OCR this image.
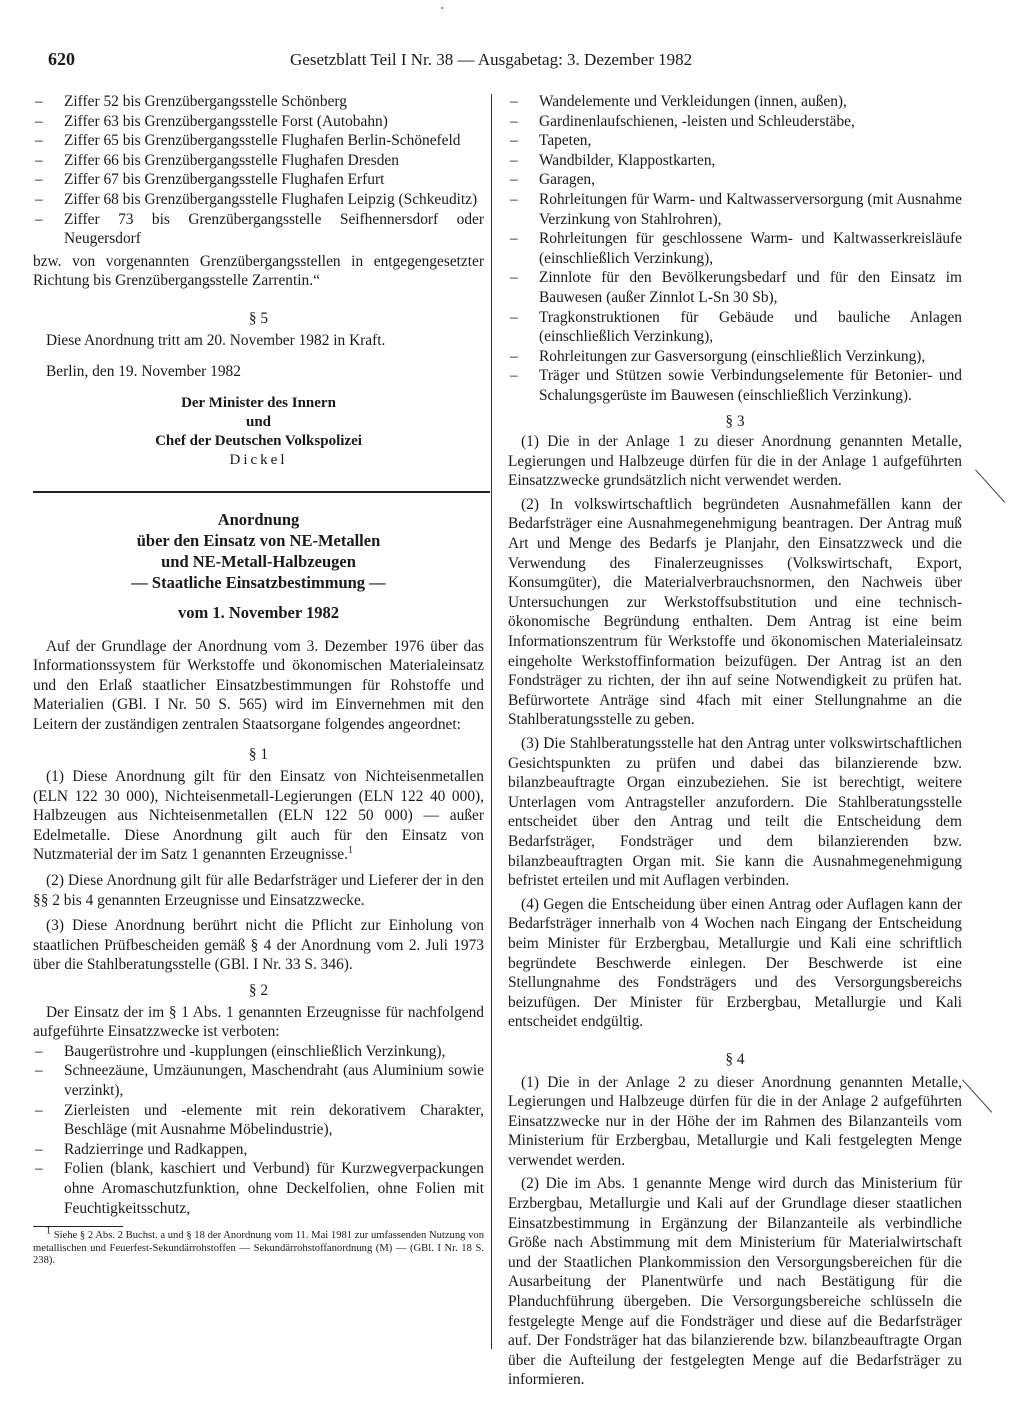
620	Gesetzblatt Teil I Nr. 38 — Ausgabetag: 3. Dezember 1982
– Ziffer 52 bis Grenzübergangsstelle Schönberg
– Ziffer 63 bis Grenzübergangsstelle Forst (Autobahn)
– Ziffer 65 bis Grenzübergangsstelle Flughafen Berlin-Schönefeld
– Ziffer 66 bis Grenzübergangsstelle Flughafen Dresden
– Ziffer 67 bis Grenzübergangsstelle Flughafen Erfurt
– Ziffer 68 bis Grenzübergangsstelle Flughafen Leipzig (Schkeuditz)
– Ziffer 73 bis Grenzübergangsstelle Seifhennersdorf oder Neugersdorf

bzw. von vorgenannten Grenzübergangsstellen in entgegengesetzter Richtung bis Grenzübergangsstelle Zarrentin.“

§ 5

Diese Anordnung tritt am 20. November 1982 in Kraft.

Berlin, den 19. November 1982

Der Minister des Innern

und

Chef der Deutschen Volkspolizei

Dickel

Anordnung

über den Einsatz von NE-Metallen

und NE-Metall-Halbzeugen

— Staatliche Einsatzbestimmung —

vom 1. November 1982

Auf der Grundlage der Anordnung vom 3. Dezember 1976 über das Informationssystem für Werkstoffe und ökonomischen Materialeinsatz und den Erlaß staatlicher Einsatzbestimmungen für Rohstoffe und Materialien (GBl. I Nr. 50 S. 565) wird im Einvernehmen mit den Leitern der zuständigen zentralen Staatsorgane folgendes angeordnet:

§ 1

(1) Diese Anordnung gilt für den Einsatz von Nichteisenmetallen (ELN 122 30 000), Nichteisenmetall-Legierungen (ELN 122 40 000), Halbzeugen aus Nichteisenmetallen (ELN 122 50 000) — außer Edelmetalle. Diese Anordnung gilt auch für den Einsatz von Nutzmaterial der im Satz 1 genannten Erzeugnisse.$^1$

(2) Diese Anordnung gilt für alle Bedarfsträger und Lieferer der in den §§ 2 bis 4 genannten Erzeugnisse und Einsatzzwecke.

(3) Diese Anordnung berührt nicht die Pflicht zur Einholung von staatlichen Prüfbescheiden gemäß § 4 der Anordnung vom 2. Juli 1973 über die Stahlberatungsstelle (GBl. I Nr. 33 S. 346).

§ 2

Der Einsatz der im § 1 Abs. 1 genannten Erzeugnisse für nachfolgend aufgeführte Einsatzzwecke ist verboten:

– Baugerüstrohre und -kupplungen (einschließlich Verzinkung),
– Schneezäune, Umzäunungen, Maschendraht (aus Aluminium sowie verzinkt),
– Zierleisten und -elemente mit rein dekorativem Charakter, Beschläge (mit Ausnahme Möbelindustrie),
– Radzierringe und Radkappen,
– Folien (blank, kaschiert und Verbund) für Kurzwegverpackungen ohne Aromaschutzfunktion, ohne Deckelfolien, ohne Folien mit Feuchtigkeitsschutz,

$^1$ Siehe § 2 Abs. 2 Buchst. a und § 18 der Anordnung vom 11. Mai 1981 zur umfassenden Nutzung von metallischen und Feuerfest-Sekundärrohstoffen — Sekundärrohstoffanordnung (M) — (GBl. I Nr. 18 S. 238).

– Wandelemente und Verkleidungen (innen, außen),
– Gardinenlaufschienen, -leisten und Schleuderstäbe,
– Tapeten,
– Wandbilder, Klappostkarten,
– Garagen,
– Rohrleitungen für Warm- und Kaltwasserversorgung (mit Ausnahme Verzinkung von Stahlrohren),
– Rohrleitungen für geschlossene Warm- und Kaltwasserkreisläufe (einschließlich Verzinkung),
– Zinnlote für den Bevölkerungsbedarf und für den Einsatz im Bauwesen (außer Zinnlot L-Sn 30 Sb),
– Tragkonstruktionen für Gebäude und bauliche Anlagen (einschließlich Verzinkung),
– Rohrleitungen zur Gasversorgung (einschließlich Verzinkung),
– Träger und Stützen sowie Verbindungselemente für Betonier- und Schalungsgerüste im Bauwesen (einschließlich Verzinkung).

§ 3

(1) Die in der Anlage 1 zu dieser Anordnung genannten Metalle, Legierungen und Halbzeuge dürfen für die in der Anlage 1 aufgeführten Einsatzzwecke grundsätzlich nicht verwendet werden.

(2) In volkswirtschaftlich begründeten Ausnahmefällen kann der Bedarfsträger eine Ausnahmegenehmigung beantragen. Der Antrag muß Art und Menge des Bedarfs je Planjahr, den Einsatzzweck und die Verwendung des Finalerzeugnisses (Volkswirtschaft, Export, Konsumgüter), die Materialverbrauchsnormen, den Nachweis über Untersuchungen zur Werkstoffsubstitution und eine technisch-ökonomische Begründung enthalten. Dem Antrag ist eine beim Informationszentrum für Werkstoffe und ökonomischen Materialeinsatz eingeholte Werkstoffinformation beizufügen. Der Antrag ist an den Fondsträger zu richten, der ihn auf seine Notwendigkeit zu prüfen hat. Befürwortete Anträge sind 4fach mit einer Stellungnahme an die Stahlberatungsstelle zu geben.

(3) Die Stahlberatungsstelle hat den Antrag unter volkswirtschaftlichen Gesichtspunkten zu prüfen und dabei das bilanzierende bzw. bilanzbeauftragte Organ einzubeziehen. Sie ist berechtigt, weitere Unterlagen vom Antragsteller anzufordern. Die Stahlberatungsstelle entscheidet über den Antrag und teilt die Entscheidung dem Bedarfsträger, Fondsträger und dem bilanzierenden bzw. bilanzbeauftragten Organ mit. Sie kann die Ausnahmegenehmigung befristet erteilen und mit Auflagen verbinden.

(4) Gegen die Entscheidung über einen Antrag oder Auflagen kann der Bedarfsträger innerhalb von 4 Wochen nach Eingang der Entscheidung beim Minister für Erzbergbau, Metallurgie und Kali eine schriftlich begründete Beschwerde einlegen. Der Beschwerde ist eine Stellungnahme des Fondsträgers und des Versorgungsbereichs beizufügen. Der Minister für Erzbergbau, Metallurgie und Kali entscheidet endgültig.

§ 4

(1) Die in der Anlage 2 zu dieser Anordnung genannten Metalle, Legierungen und Halbzeuge dürfen für die in der Anlage 2 aufgeführten Einsatzzwecke nur in der Höhe der im Rahmen des Bilanzanteils vom Ministerium für Erzbergbau, Metallurgie und Kali festgelegten Menge verwendet werden.

(2) Die im Abs. 1 genannte Menge wird durch das Ministerium für Erzbergbau, Metallurgie und Kali auf der Grundlage dieser staatlichen Einsatzbestimmung in Ergänzung der Bilanzanteile als verbindliche Größe nach Abstimmung mit dem Ministerium für Materialwirtschaft und der Staatlichen Plankommission den Versorgungsbereichen für die Ausarbeitung der Planentwürfe und nach Bestätigung für die Planduchführung übergeben. Die Versorgungsbereiche schlüsseln die festgelegte Menge auf die Fondsträger und diese auf die Bedarfsträger auf. Der Fondsträger hat das bilanzierende bzw. bilanzbeauftragte Organ über die Aufteilung der festgelegten Menge auf die Bedarfsträger zu informieren.
